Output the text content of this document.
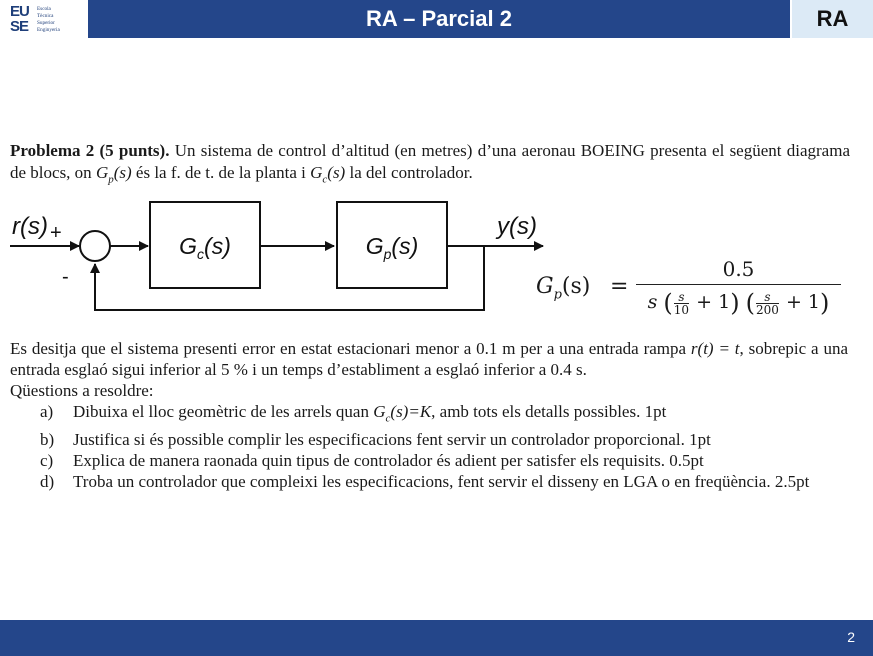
EU
SE
Escola
Tècnica
Superior
Enginyeria	RA – Parcial 2	RA
Problema 2 (5 punts). Un sistema de control d’altitud (en metres) d’una aeronau BOEING presenta el següent diagrama de blocs, on $G_p(s)$ és la f. de t. de la planta i $G_c(s)$ la del controlador.
r(s) +
-
$G_c(s)$	$G_p(s)$
y(s)
$G_p(s)$ =
0.5
s ( $\frac{s}{10} + 1$) ( $\frac{s}{200} + 1$)
Es desitja que el sistema presenti error en estat estacionari menor a 0.1 m per a una entrada rampa r(t) = t, sobrepic a una entrada esglaó sigui inferior al 5 % i un temps d’establiment a esglaó inferior a 0.4 s.
Qüestions a resoldre:
a) Dibuixa el lloc geomètric de les arrels quan $G_c(s)=K$, amb tots els detalls possibles. 1pt
b) Justifica si és possible complir les especificacions fent servir un controlador proporcional. 1pt
c) Explica de manera raonada quin tipus de controlador és adient per satisfer els requisits. 0.5pt
d) Troba un controlador que compleixi les especificacions, fent servir el disseny en LGA o en freqüència. 2.5pt
2
